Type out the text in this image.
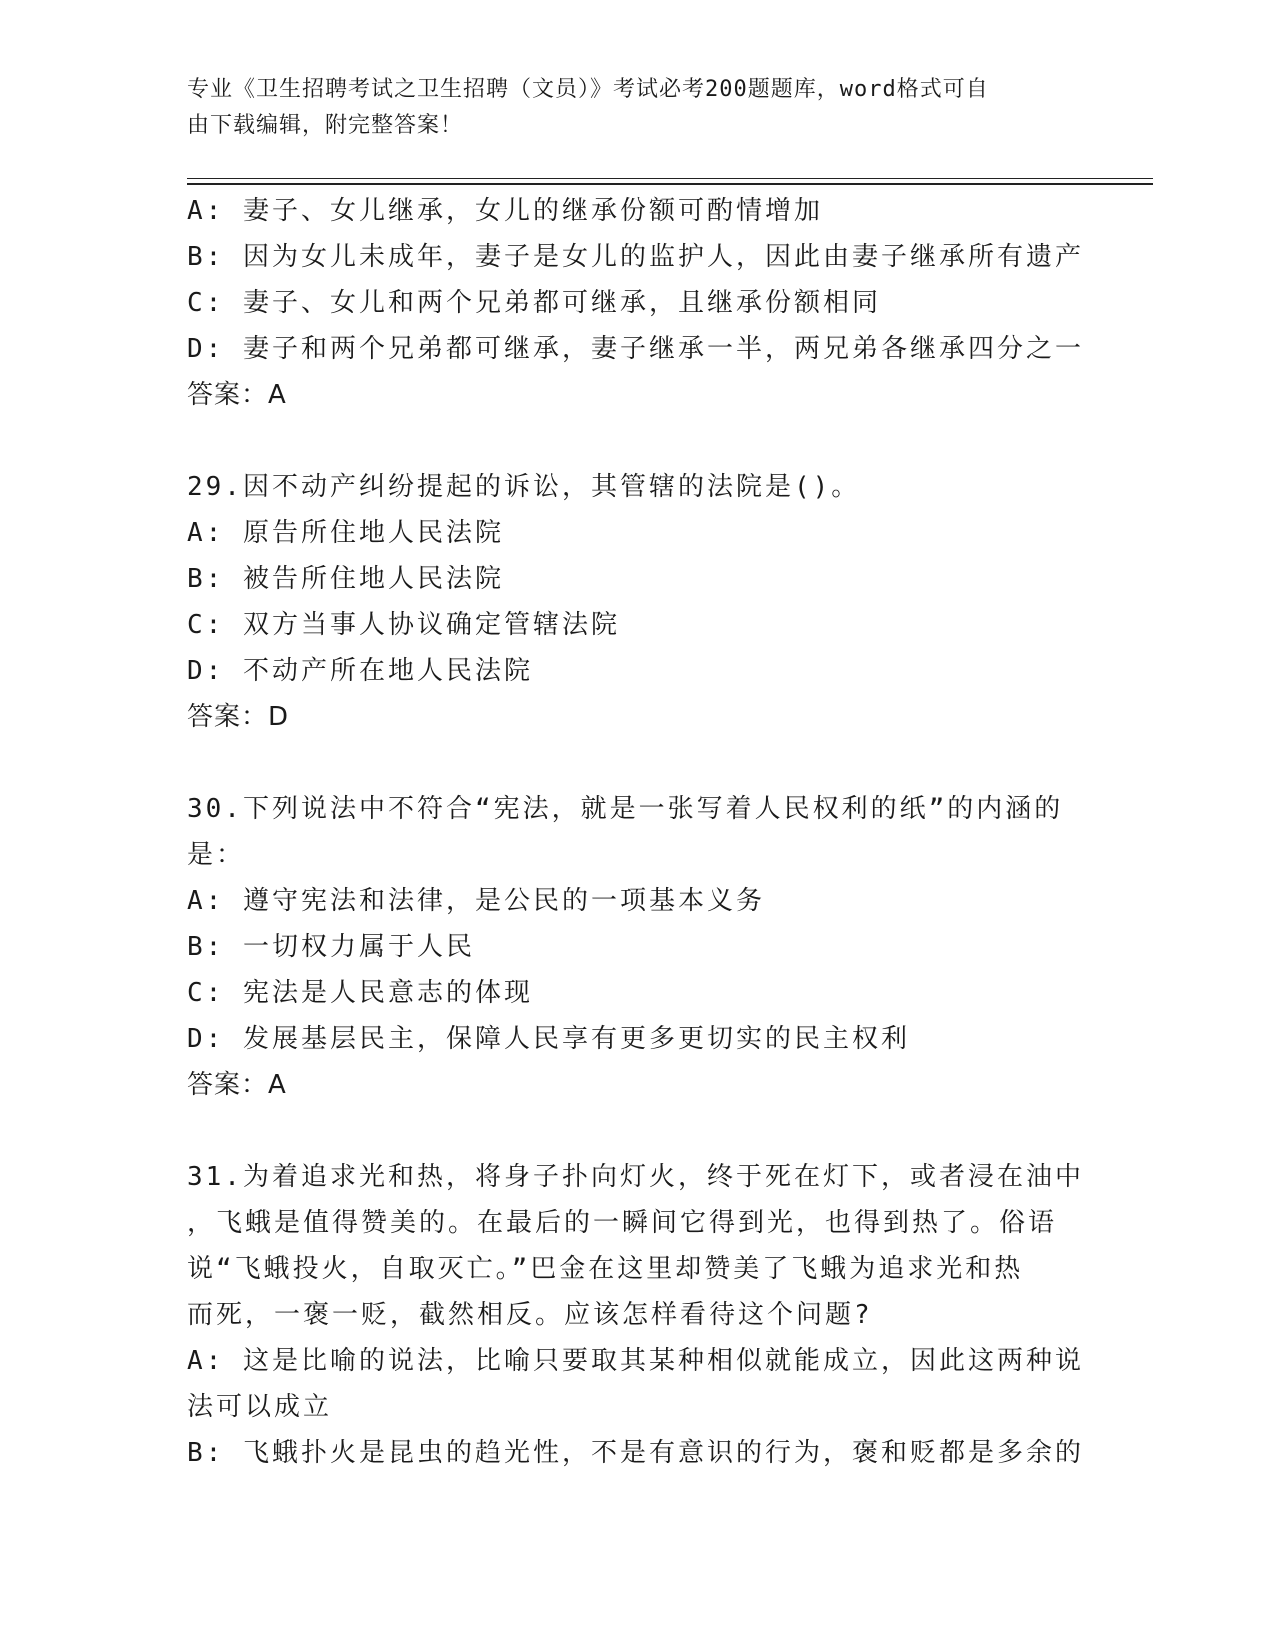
专业《卫生招聘考试之卫生招聘（文员）》考试必考200题题库，word格式可自
由下载编辑，附完整答案！
A: 妻子、女儿继承，女儿的继承份额可酌情增加
B: 因为女儿未成年，妻子是女儿的监护人，因此由妻子继承所有遗产
C: 妻子、女儿和两个兄弟都可继承，且继承份额相同
D: 妻子和两个兄弟都可继承，妻子继承一半，两兄弟各继承四分之一
答案：A
29.因不动产纠纷提起的诉讼，其管辖的法院是()。
A: 原告所住地人民法院
B: 被告所住地人民法院
C: 双方当事人协议确定管辖法院
D: 不动产所在地人民法院
答案：D
30.下列说法中不符合“宪法，就是一张写着人民权利的纸”的内涵的
是：
A: 遵守宪法和法律，是公民的一项基本义务
B: 一切权力属于人民
C: 宪法是人民意志的体现
D: 发展基层民主，保障人民享有更多更切实的民主权利
答案：A
31.为着追求光和热，将身子扑向灯火，终于死在灯下，或者浸在油中
，飞蛾是值得赞美的。在最后的一瞬间它得到光，也得到热了。俗语
说“飞蛾投火，自取灭亡。”巴金在这里却赞美了飞蛾为追求光和热
而死，一褒一贬，截然相反。应该怎样看待这个问题?
A: 这是比喻的说法，比喻只要取其某种相似就能成立，因此这两种说
法可以成立
B: 飞蛾扑火是昆虫的趋光性，不是有意识的行为，褒和贬都是多余的
